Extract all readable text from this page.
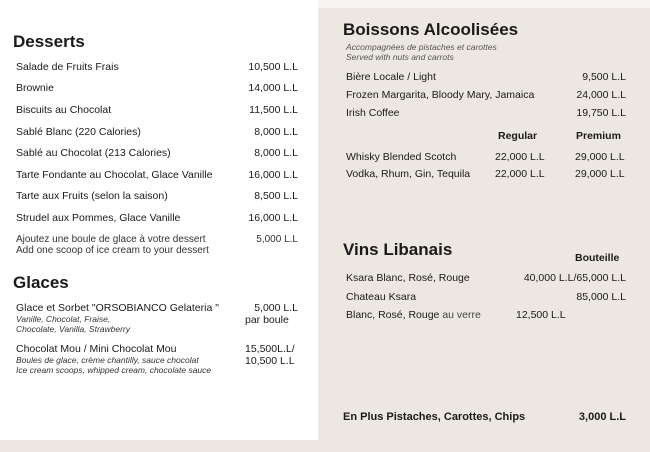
Desserts
Salade de Fruits Frais	10,500 L.L
Brownie	14,000 L.L
Biscuits au Chocolat	11,500 L.L
Sablé Blanc (220 Calories)	8,000 L.L
Sablé au Chocolat (213 Calories)	8,000 L.L
Tarte Fondante au Chocolat, Glace Vanille	16,000 L.L
Tarte aux Fruits (selon la saison)	8,500 L.L
Strudel aux Pommes, Glace Vanille	16,000 L.L
Ajoutez une boule de glace à votre dessert
Add one scoop of ice cream to your dessert
5,000 L.L
Glaces
Glace et Sorbet "ORSOBIANCO Gelateria "
Vanille, Chocolat, Fraise,
Chocolate, Vanilla, Strawberry
5,000 L.L
par boule
Chocolat Mou / Mini Chocolat Mou
Boules de glace, crème chantilly, sauce chocolat
Ice cream scoops, whipped cream, chocolate sauce
15,500L.L/
10,500 L.L
Boissons Alcoolisées
Accompagnées de pistaches et carottes
Served with nuts and carrots
Bière Locale / Light	9,500 L.L
Frozen Margarita, Bloody Mary, Jamaica	24,000 L.L
Irish Coffee	19,750 L.L
Regular	Premium
Whisky Blended Scotch	22,000 L.L	29,000 L.L
Vodka, Rhum, Gin, Tequila 22,000 L.L	29,000 L.L
Vins Libanais	Bouteille
Ksara Blanc, Rosé, Rouge	40,000 L.L/65,000 L.L
Chateau Ksara	85,000 L.L
Blanc, Rosé, Rouge au verre	12,500 L.L
En Plus Pistaches, Carottes, Chips	3,000 L.L
